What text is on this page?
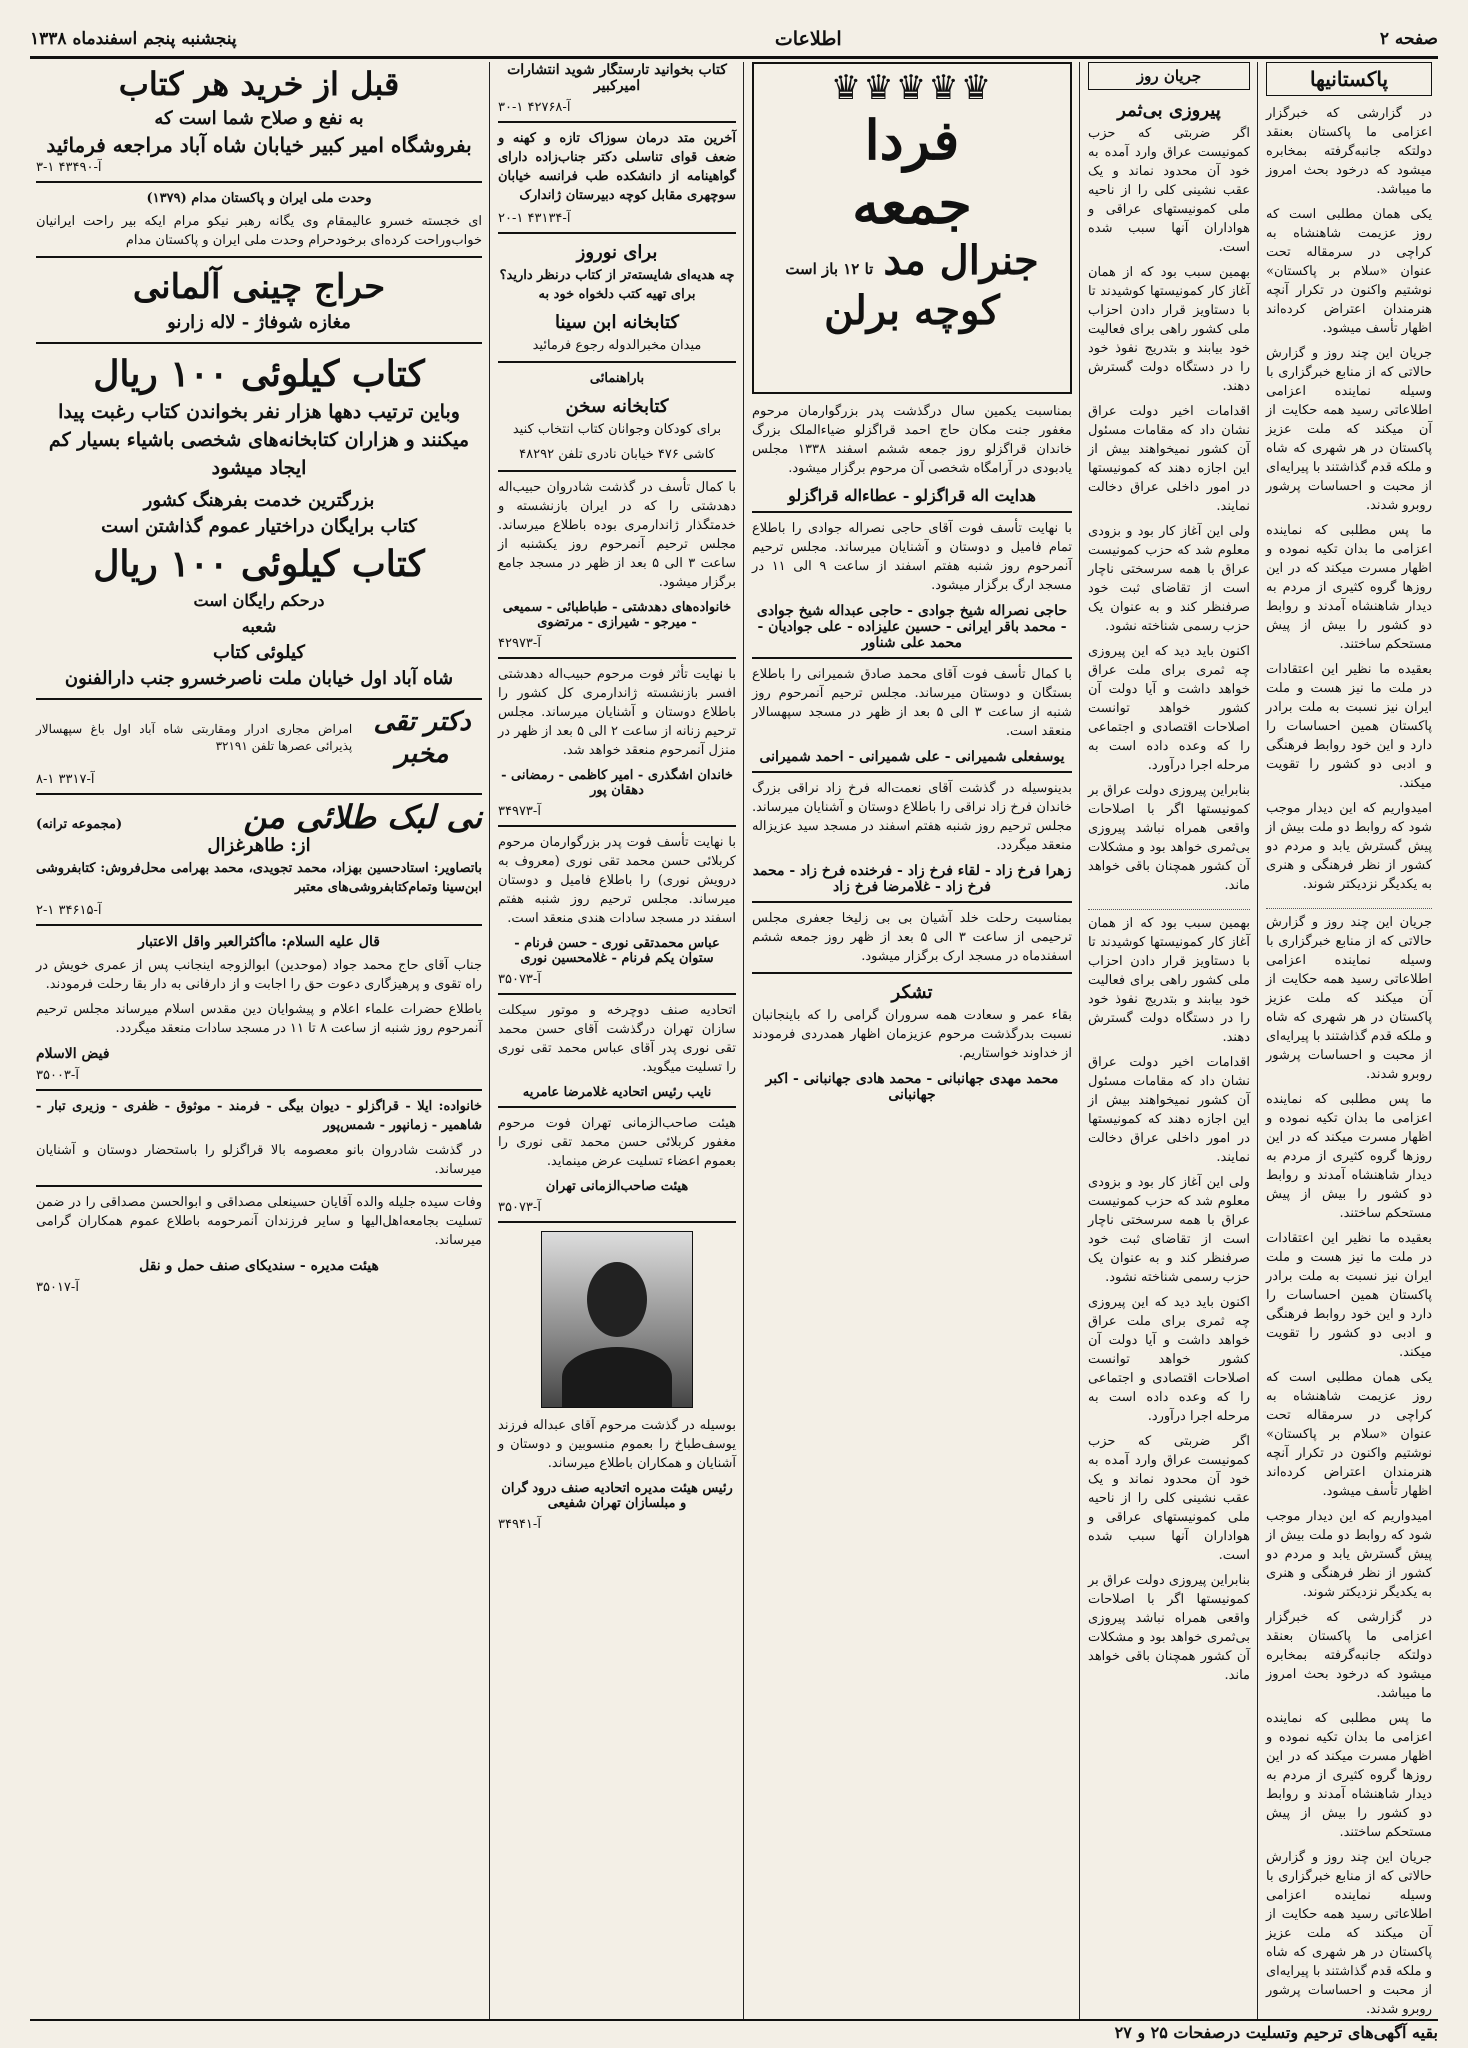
صفحه ۲
اطلاعات
پنجشنبه پنجم اسفندماه ۱۳۳۸
پاکستانیها

در گزارشی که خبرگزار اعزامی ما پاکستان بعنقد دولتکه جانبه‌گرفته بمخابره میشود که درخود بحث امروز ما میباشد.

یکی همان مطلبی است که روز عزیمت شاهنشاه به کراچی در سرمقاله تحت عنوان «سلام بر پاکستان» نوشتیم واکنون در تکرار آنچه هنرمندان اعتراض کرده‌اند اظهار تأسف میشود.

جریان این چند روز و گزارش حالاتی که از منابع خبرگزاری با وسیله نماینده اعزامی اطلاعاتی رسید همه حکایت از آن میکند که ملت عزیز پاکستان در هر شهری که شاه و ملکه قدم گذاشتند با پیرایه‌ای از محبت و احساسات پرشور روبرو شدند.

ما پس مطلبی که نماینده اعزامی ما بدان تکیه نموده و اظهار مسرت میکند که در این روزها گروه کثیری از مردم به دیدار شاهنشاه آمدند و روابط دو کشور را بیش از پیش مستحکم ساختند.

بعقیده ما نظیر این اعتقادات در ملت ما نیز هست و ملت ایران نیز نسبت به ملت برادر پاکستان همین احساسات را دارد و این خود روابط فرهنگی و ادبی دو کشور را تقویت میکند.

امیدواریم که این دیدار موجب شود که روابط دو ملت بیش از پیش گسترش یابد و مردم دو کشور از نظر فرهنگی و هنری به یکدیگر نزدیکتر شوند.

جریان این چند روز و گزارش حالاتی که از منابع خبرگزاری با وسیله نماینده اعزامی اطلاعاتی رسید همه حکایت از آن میکند که ملت عزیز پاکستان در هر شهری که شاه و ملکه قدم گذاشتند با پیرایه‌ای از محبت و احساسات پرشور روبرو شدند.

ما پس مطلبی که نماینده اعزامی ما بدان تکیه نموده و اظهار مسرت میکند که در این روزها گروه کثیری از مردم به دیدار شاهنشاه آمدند و روابط دو کشور را بیش از پیش مستحکم ساختند.

بعقیده ما نظیر این اعتقادات در ملت ما نیز هست و ملت ایران نیز نسبت به ملت برادر پاکستان همین احساسات را دارد و این خود روابط فرهنگی و ادبی دو کشور را تقویت میکند.

یکی همان مطلبی است که روز عزیمت شاهنشاه به کراچی در سرمقاله تحت عنوان «سلام بر پاکستان» نوشتیم واکنون در تکرار آنچه هنرمندان اعتراض کرده‌اند اظهار تأسف میشود.

امیدواریم که این دیدار موجب شود که روابط دو ملت بیش از پیش گسترش یابد و مردم دو کشور از نظر فرهنگی و هنری به یکدیگر نزدیکتر شوند.

در گزارشی که خبرگزار اعزامی ما پاکستان بعنقد دولتکه جانبه‌گرفته بمخابره میشود که درخود بحث امروز ما میباشد.

ما پس مطلبی که نماینده اعزامی ما بدان تکیه نموده و اظهار مسرت میکند که در این روزها گروه کثیری از مردم به دیدار شاهنشاه آمدند و روابط دو کشور را بیش از پیش مستحکم ساختند.

جریان این چند روز و گزارش حالاتی که از منابع خبرگزاری با وسیله نماینده اعزامی اطلاعاتی رسید همه حکایت از آن میکند که ملت عزیز پاکستان در هر شهری که شاه و ملکه قدم گذاشتند با پیرایه‌ای از محبت و احساسات پرشور روبرو شدند.

جریان روز
پیروزی بی‌ثمر

اگر ضربتی که حزب کمونیست عراق وارد آمده به خود آن محدود نماند و یک عقب نشینی کلی را از ناحیه ملی کمونیستهای عراقی و هواداران آنها سبب شده است.

بهمین سبب بود که از همان آغاز کار کمونیستها کوشیدند تا با دستاویز قرار دادن احزاب ملی کشور راهی برای فعالیت خود بیابند و بتدریج نفوذ خود را در دستگاه دولت گسترش دهند.

اقدامات اخیر دولت عراق نشان داد که مقامات مسئول آن کشور نمیخواهند بیش از این اجازه دهند که کمونیستها در امور داخلی عراق دخالت نمایند.

ولی این آغاز کار بود و بزودی معلوم شد که حزب کمونیست عراق با همه سرسختی ناچار است از تقاضای ثبت خود صرفنظر کند و به عنوان یک حزب رسمی شناخته نشود.

اکنون باید دید که این پیروزی چه ثمری برای ملت عراق خواهد داشت و آیا دولت آن کشور خواهد توانست اصلاحات اقتصادی و اجتماعی را که وعده داده است به مرحله اجرا درآورد.

بنابراین پیروزی دولت عراق بر کمونیستها اگر با اصلاحات واقعی همراه نباشد پیروزی بی‌ثمری خواهد بود و مشکلات آن کشور همچنان باقی خواهد ماند.

بهمین سبب بود که از همان آغاز کار کمونیستها کوشیدند تا با دستاویز قرار دادن احزاب ملی کشور راهی برای فعالیت خود بیابند و بتدریج نفوذ خود را در دستگاه دولت گسترش دهند.

اقدامات اخیر دولت عراق نشان داد که مقامات مسئول آن کشور نمیخواهند بیش از این اجازه دهند که کمونیستها در امور داخلی عراق دخالت نمایند.

ولی این آغاز کار بود و بزودی معلوم شد که حزب کمونیست عراق با همه سرسختی ناچار است از تقاضای ثبت خود صرفنظر کند و به عنوان یک حزب رسمی شناخته نشود.

اکنون باید دید که این پیروزی چه ثمری برای ملت عراق خواهد داشت و آیا دولت آن کشور خواهد توانست اصلاحات اقتصادی و اجتماعی را که وعده داده است به مرحله اجرا درآورد.

اگر ضربتی که حزب کمونیست عراق وارد آمده به خود آن محدود نماند و یک عقب نشینی کلی را از ناحیه ملی کمونیستهای عراقی و هواداران آنها سبب شده است.

بنابراین پیروزی دولت عراق بر کمونیستها اگر با اصلاحات واقعی همراه نباشد پیروزی بی‌ثمری خواهد بود و مشکلات آن کشور همچنان باقی خواهد ماند.

♛♛♛♛♛
فردا
جمعه
جنرال مد
تا ۱۲ باز است
کوچه برلن

بمناسبت یکمین سال درگذشت پدر بزرگوارمان مرحوم مغفور جنت مکان حاج احمد قراگزلو ضیاءالملک بزرگ خاندان قراگزلو روز جمعه ششم اسفند ۱۳۳۸ مجلس یادبودی در آرامگاه شخصی آن مرحوم برگزار میشود.

هدایت اله قراگزلو - عطاءاله قراگزلو

با نهایت تأسف فوت آقای حاجی نصراله جوادی را باطلاع تمام فامیل و دوستان و آشنایان میرساند. مجلس ترحیم آنمرحوم روز شنبه هفتم اسفند از ساعت ۹ الی ۱۱ در مسجد ارگ برگزار میشود.

حاجی نصراله شیخ جوادی - حاجی عبداله شیخ جوادی - محمد باقر ایرانی - حسین علیزاده - علی جوادیان - محمد علی شناور

با کمال تأسف فوت آقای محمد صادق شمیرانی را باطلاع بستگان و دوستان میرساند. مجلس ترحیم آنمرحوم روز شنبه از ساعت ۳ الی ۵ بعد از ظهر در مسجد سپهسالار منعقد است.

یوسفعلی شمیرانی - علی شمیرانی - احمد شمیرانی

بدینوسیله در گذشت آقای نعمت‌اله فرخ زاد نراقی بزرگ خاندان فرخ زاد نراقی را باطلاع دوستان و آشنایان میرساند. مجلس ترحیم روز شنبه هفتم اسفند در مسجد سید عزیزاله منعقد میگردد.

زهرا فرخ زاد - لقاء فرخ زاد - فرخنده فرخ زاد - محمد فرخ زاد - غلامرضا فرخ زاد

بمناسبت رحلت خلد آشیان بی بی زلیخا جعفری مجلس ترحیمی از ساعت ۳ الی ۵ بعد از ظهر روز جمعه ششم اسفندماه در مسجد ارک برگزار میشود.

تشکر

بقاء عمر و سعادت همه سروران گرامی را که باینجانبان نسبت بدرگذشت مرحوم عزیزمان اظهار همدردی فرمودند از خداوند خواستاریم.

محمد مهدی جهانبانی - محمد هادی جهانبانی - اکبر جهانبانی
کتاب بخوانید تارستگار شوید انتشارات امیرکبیر
آ-۴۲۷۶۸ ۱-۳۰

آخرین متد درمان سوزاک تازه و کهنه و ضعف قوای تناسلی دکتر جناب‌زاده دارای گواهینامه از دانشکده طب فرانسه خیابان سوچهری مقابل کوچه دبیرستان ژاندارک

آ-۴۳۱۳۴ ۱-۲۰
برای نوروز

چه هدیه‌ای شایسته‌تر از کتاب درنظر دارید؟ برای تهیه کتب دلخواه خود به

کتابخانه ابن سینا

میدان مخبرالدوله رجوع فرمائید

باراهنمائی

کتابخانه سخن

برای کودکان وجوانان کتاب انتخاب کنید

کاشی ۴۷۶ خیابان نادری تلفن ۴۸۲۹۲

با کمال تأسف در گذشت شادروان حبیب‌اله دهدشتی را که در ایران بازنشسته و خدمتگذار ژاندارمری بوده باطلاع میرساند. مجلس ترحیم آنمرحوم روز یکشنبه از ساعت ۳ الی ۵ بعد از ظهر در مسجد جامع برگزار میشود.

خانواده‌های دهدشتی - طباطبائی - سمیعی - میرجو - شیرازی - مرتضوی
آ-۴۲۹۷۳

با نهایت تأثر فوت مرحوم حبیب‌اله دهدشتی افسر بازنشسته ژاندارمری کل کشور را باطلاع دوستان و آشنایان میرساند. مجلس ترحیم زنانه از ساعت ۲ الی ۵ بعد از ظهر در منزل آنمرحوم منعقد خواهد شد.

خاندان اشگذری - امیر کاظمی - رمضانی - دهقان پور
آ-۳۴۹۷۳

با نهایت تأسف فوت پدر بزرگوارمان مرحوم کربلائی حسن محمد تقی نوری (معروف به درویش نوری) را باطلاع فامیل و دوستان میرساند. مجلس ترحیم روز شنبه هفتم اسفند در مسجد سادات هندی منعقد است.

عباس محمدتقی نوری - حسن فرنام - ستوان یکم فرنام - غلامحسین نوری
آ-۳۵۰۷۳

اتحادیه صنف دوچرخه و موتور سیکلت سازان تهران درگذشت آقای حسن محمد تقی نوری پدر آقای عباس محمد تقی نوری را تسلیت میگوید.

نایب رئیس اتحادیه غلامرضا عامریه

هیئت صاحب‌الزمانی تهران فوت مرحوم مغفور کربلائی حسن محمد تقی نوری را بعموم اعضاء تسلیت عرض مینماید.

هیئت صاحب‌الزمانی تهران
آ-۳۵۰۷۳

بوسیله در گذشت مرحوم آقای عبداله فرزند یوسف‌طباخ را بعموم منسوبین و دوستان و آشنایان و همکاران باطلاع میرساند.

رئیس هیئت مدیره اتحادیه صنف درود گران و مبلسازان تهران شفیعی
آ-۳۴۹۴۱
قبل از خرید هر کتاب
به نفع و صلاح شما است که
بفروشگاه امیر کبیر خیابان شاه آباد مراجعه فرمائید
آ-۴۳۴۹۰ ۱-۳
وحدت ملی ایران و پاکستان مدام (۱۳۷۹)

ای خجسته خسرو عالیمقام وی یگانه رهبر نیکو مرام ایکه بیر راحت ایرانیان خواب‌وراحت کرده‌ای برخودحرام وحدت ملی ایران و پاکستان مدام

حراج چینی آلمانی
مغازه شوفاژ - لاله زارنو
کتاب کیلوئی ۱۰۰ ریال

وباین ترتیب دهها هزار نفر بخواندن کتاب رغبت پیدا میکنند و هزاران کتابخانه‌های شخصی باشیاء بسیار کم ایجاد میشود

بزرگترین خدمت بفرهنگ کشور
کتاب برایگان دراختیار عموم گذاشتن است
کتاب کیلوئی ۱۰۰ ریال
درحکم رایگان است
شعبه
کیلوئی کتاب
شاه آباد اول خیابان ملت ناصرخسرو جنب دارالفنون
دکتر تقی مخبر

امراض مجاری ادرار ومقاربتی شاه آباد اول باغ سپهسالار پذیرائی عصرها تلفن ۳۲۱۹۱

آ-۳۳۱۷ ۱-۸
نی لبک طلائی من
(مجموعه ترانه)
از: طاهرغزال

باتصاویر: استادحسین بهزاد، محمد تجویدی، محمد بهرامی محل‌فروش: کتابفروشی ابن‌سینا وتمام‌کتابفروشی‌های معتبر

آ-۳۴۶۱۵ ۱-۲
قال علیه السلام: ماأکثرالعبر واقل الاعتبار

جناب آقای حاج محمد جواد (موحدین) ابوالزوجه اینجانب پس از عمری خویش در راه تقوی و پرهیزگاری دعوت حق را اجابت و از دارفانی به دار بقا رحلت فرمودند.

باطلاع حضرات علماء اعلام و پیشوایان دین مقدس اسلام میرساند مجلس ترحیم آنمرحوم روز شنبه از ساعت ۸ تا ۱۱ در مسجد سادات منعقد میگردد.

فیض الاسلام
آ-۳۵۰۰۳

خانواده: ایلا - قراگزلو - دیوان بیگی - فرمند - موثوق - ظفری - وزیری تبار - شاهمیر - زمانپور - شمس‌پور

در گذشت شادروان بانو معصومه بالا قراگزلو را باستحضار دوستان و آشنایان میرساند.

وفات سیده جلیله والده آقایان حسینعلی مصداقی و ابوالحسن مصداقی را در ضمن تسلیت بجامعه‌اهل‌الیها و سایر فرزندان آنمرحومه باطلاع عموم همکاران گرامی میرساند.

هیئت مدیره - سندیکای صنف حمل و نقل
آ-۳۵۰۱۷
بقیه آگهی‌های ترحیم وتسلیت درصفحات ۲۵ و ۲۷
